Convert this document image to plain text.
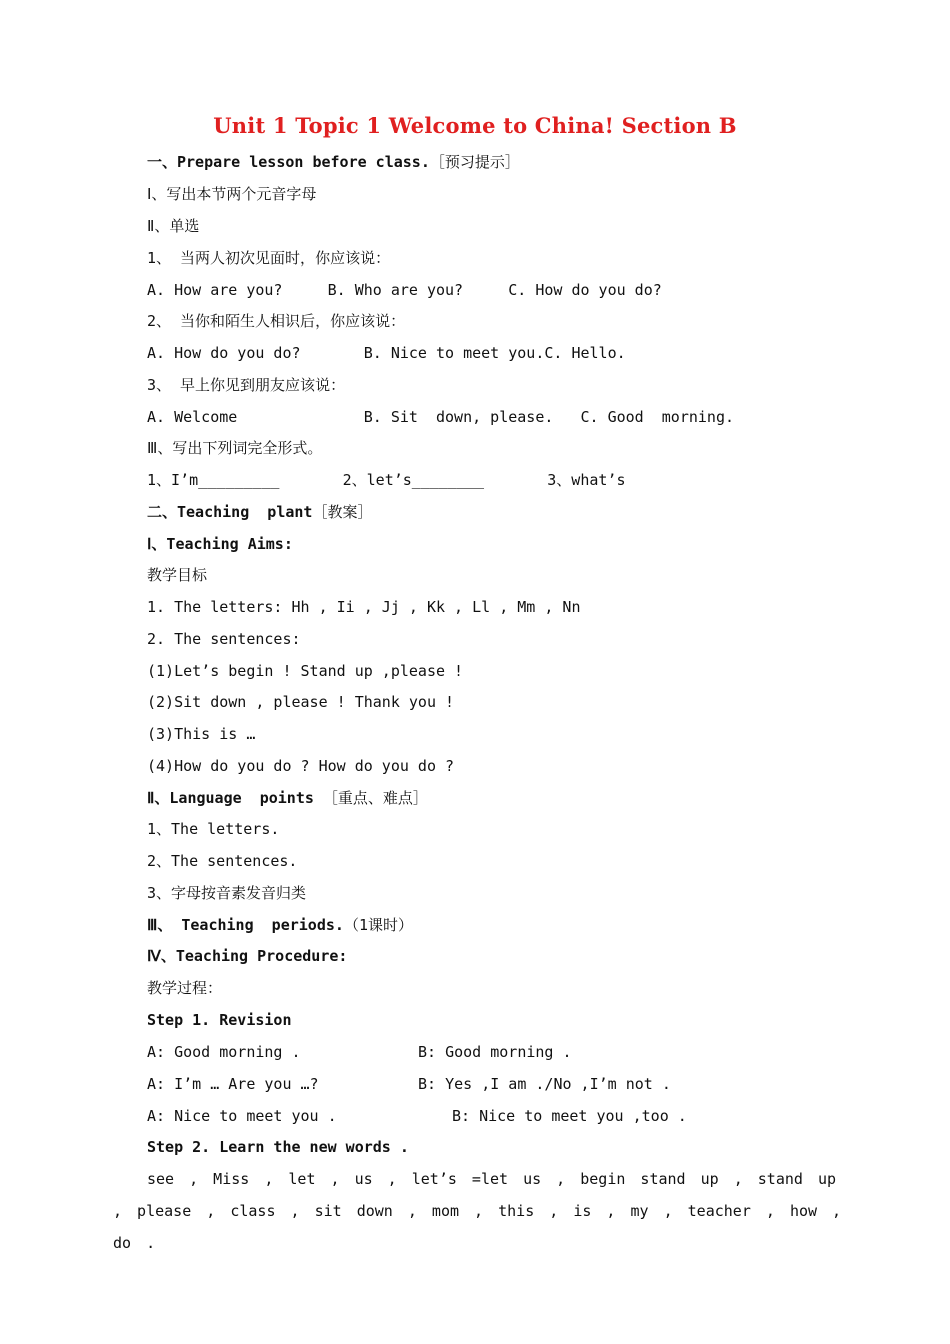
Unit 1 Topic 1 Welcome to China! Section B
一、Prepare lesson before class.［预习提示］
Ⅰ、写出本节两个元音字母
Ⅱ、单选
1、 当两人初次见面时，你应该说：
A. How are you?     B. Who are you?     C. How do you do?
2、 当你和陌生人相识后，你应该说：
A. How do you do?       B. Nice to meet you.C. Hello.
3、 早上你见到朋友应该说：
A. Welcome              B. Sit  down, please.   C. Good  morning.
Ⅲ、写出下列词完全形式。
1、I’m_________       2、let’s________       3、what’s
二、Teaching  plant［教案］
Ⅰ、Teaching Aims:
教学目标
1. The letters: Hh , Ii , Jj , Kk , Ll , Mm , Nn
2. The sentences:
(1)Let’s begin ! Stand up ,please !
(2)Sit down , please ! Thank you !
(3)This is …
(4)How do you do ? How do you do ?
Ⅱ、Language  points ［重点、难点］
1、The letters.
2、The sentences.
3、字母按音素发音归类
Ⅲ、 Teaching  periods.（1课时）
Ⅳ、Teaching Procedure:
教学过程：
Step 1. Revision
A: Good morning .	B: Good morning .
A: I’m … Are you …?	B: Yes ,I am ./No ,I’m not .
A: Nice to meet you .	B: Nice to meet you ,too .
Step 2. Learn the new words .
see , Miss , let , us , let’s =let us , begin stand up , stand up , please , class , sit down , mom , this , is , my , teacher , how , do .
